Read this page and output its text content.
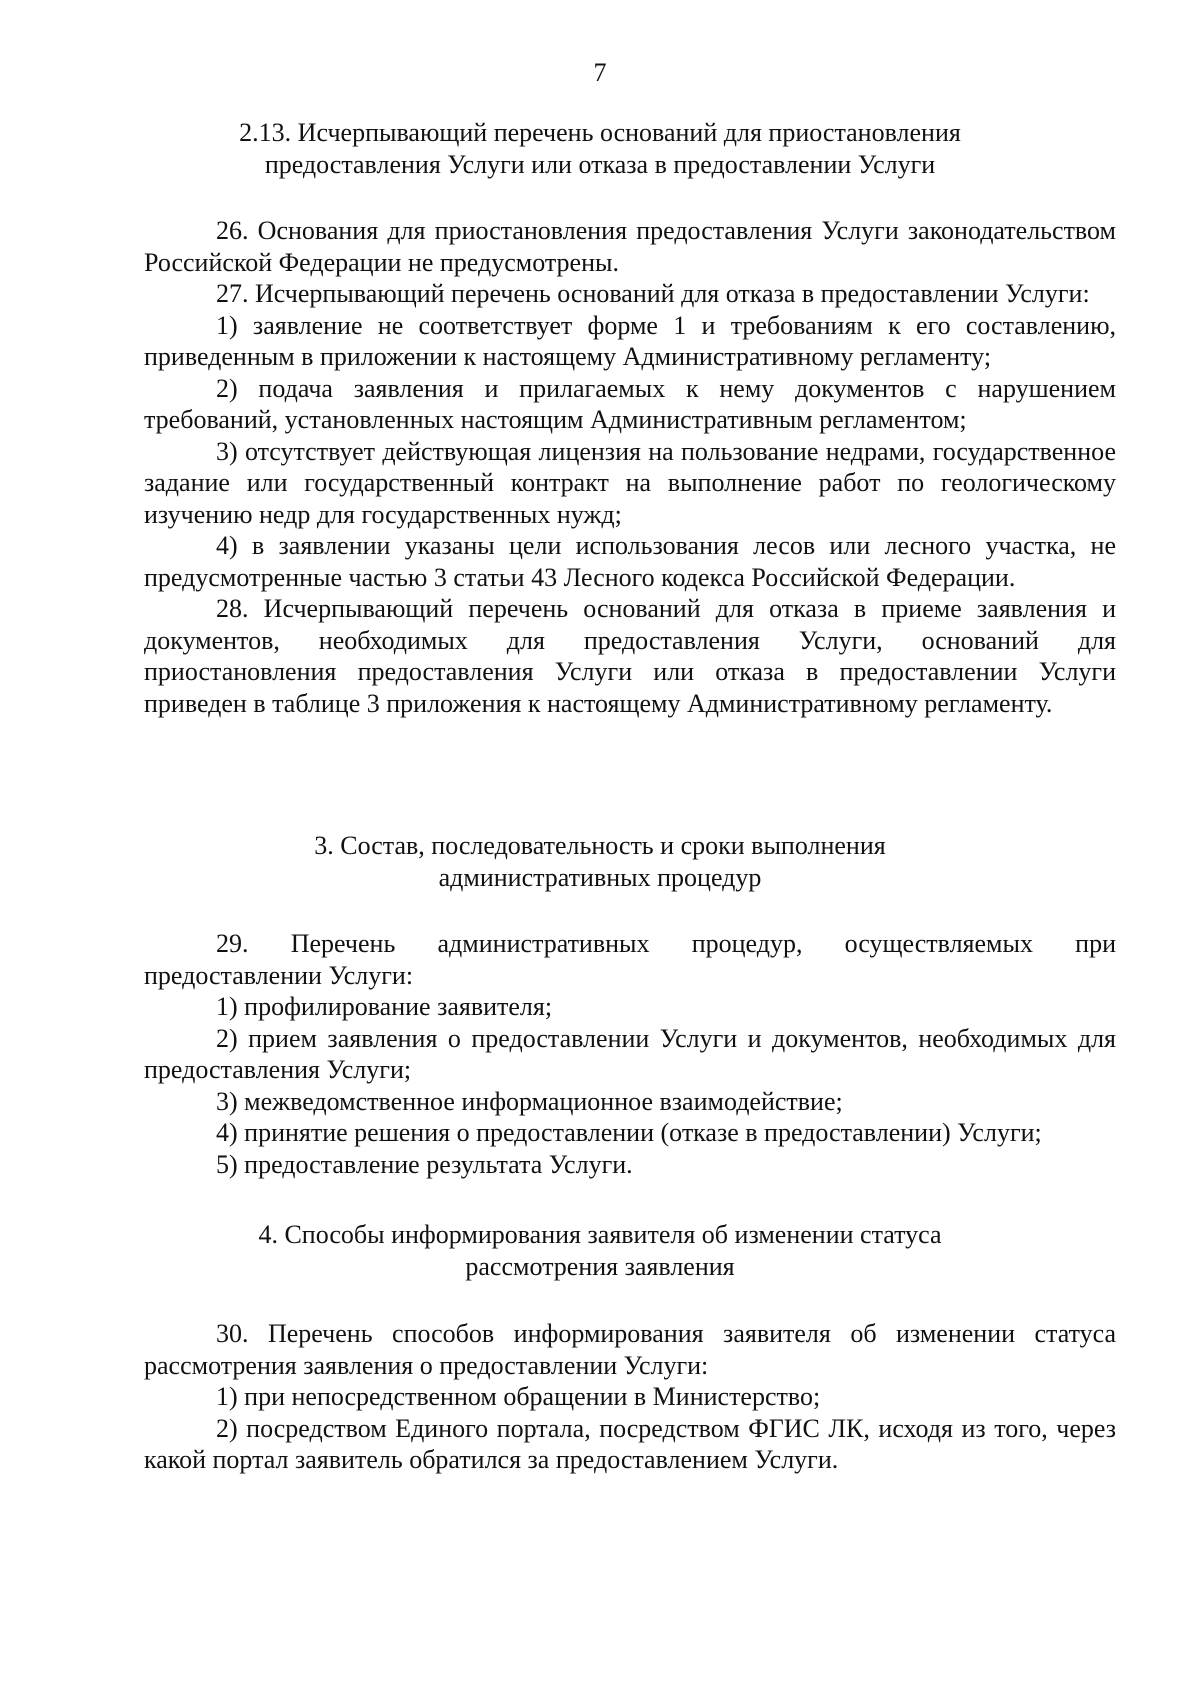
7
2.13. Исчерпывающий перечень оснований для приостановления
предоставления Услуги или отказа в предоставлении Услуги

26. Основания для приостановления предоставления Услуги законодательством Российской Федерации не предусмотрены.

27. Исчерпывающий перечень оснований для отказа в предоставлении Услуги:

1) заявление не соответствует форме 1 и требованиям к его составлению, приведенным в приложении к настоящему Административному регламенту;

2) подача заявления и прилагаемых к нему документов с нарушением требований, установленных настоящим Административным регламентом;

3) отсутствует действующая лицензия на пользование недрами, государственное задание или государственный контракт на выполнение работ по геологическому изучению недр для государственных нужд;

4) в заявлении указаны цели использования лесов или лесного участка, не предусмотренные частью 3 статьи 43 Лесного кодекса Российской Федерации.

28. Исчерпывающий перечень оснований для отказа в приеме заявления и документов, необходимых для предоставления Услуги, оснований для приостановления предоставления Услуги или отказа в предоставлении Услуги приведен в таблице 3 приложения к настоящему Административному регламенту.

3. Состав, последовательность и сроки выполнения
административных процедур

29. Перечень административных процедур, осуществляемых при предоставлении Услуги:

1) профилирование заявителя;

2) прием заявления о предоставлении Услуги и документов, необходимых для предоставления Услуги;

3) межведомственное информационное взаимодействие;

4) принятие решения о предоставлении (отказе в предоставлении) Услуги;

5) предоставление результата Услуги.

4. Способы информирования заявителя об изменении статуса
рассмотрения заявления

30. Перечень способов информирования заявителя об изменении статуса рассмотрения заявления о предоставлении Услуги:

1) при непосредственном обращении в Министерство;

2) посредством Единого портала, посредством ФГИС ЛК, исходя из того, через какой портал заявитель обратился за предоставлением Услуги.
